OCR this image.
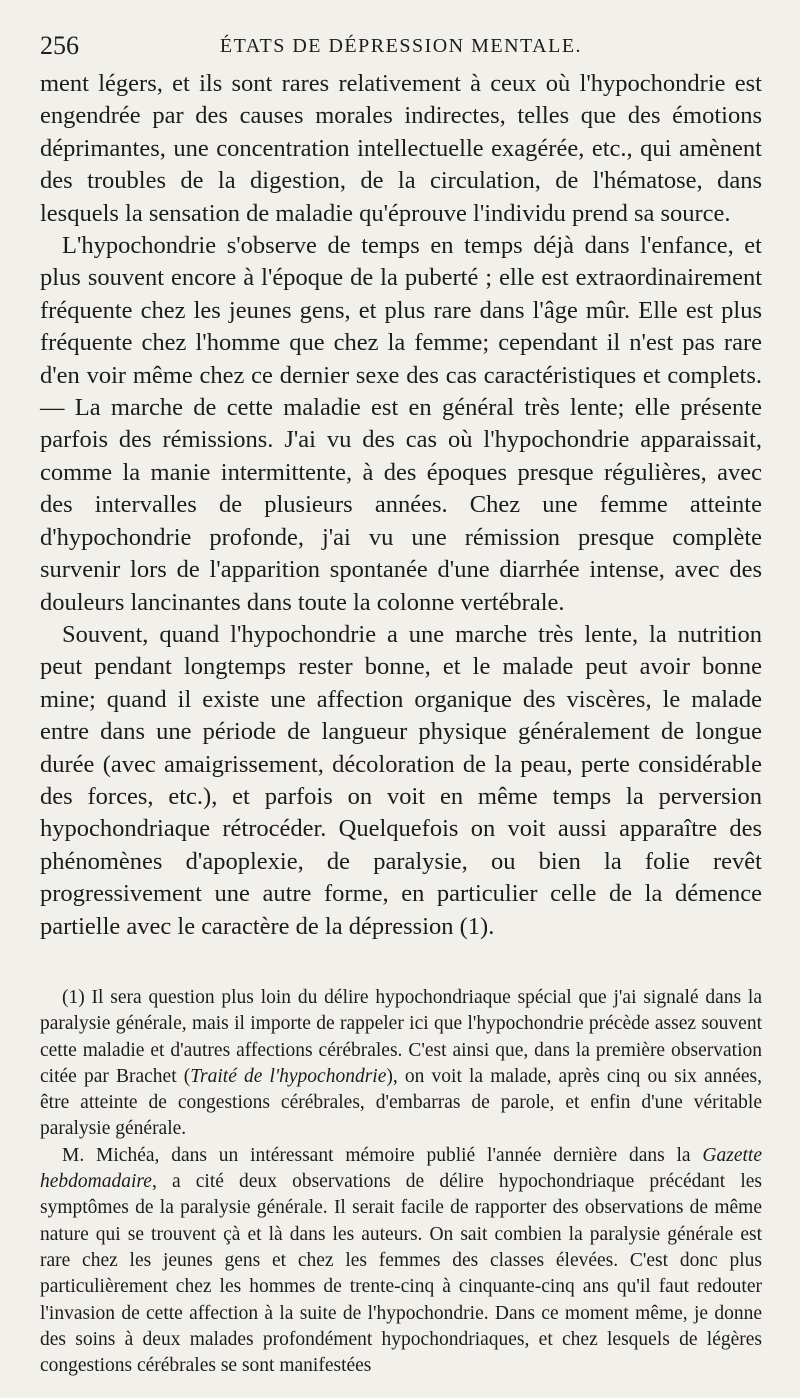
256	ÉTATS DE DÉPRESSION MENTALE.

ment légers, et ils sont rares relativement à ceux où l'hypochondrie est engendrée par des causes morales indirectes, telles que des émotions déprimantes, une concentration intellectuelle exagérée, etc., qui amènent des troubles de la digestion, de la circulation, de l'hématose, dans lesquels la sensation de maladie qu'éprouve l'individu prend sa source.

L'hypochondrie s'observe de temps en temps déjà dans l'enfance, et plus souvent encore à l'époque de la puberté ; elle est extraordinairement fréquente chez les jeunes gens, et plus rare dans l'âge mûr. Elle est plus fréquente chez l'homme que chez la femme; cependant il n'est pas rare d'en voir même chez ce dernier sexe des cas caractéristiques et complets. — La marche de cette maladie est en général très lente; elle présente parfois des rémissions. J'ai vu des cas où l'hypochondrie apparaissait, comme la manie intermittente, à des époques presque régulières, avec des intervalles de plusieurs années. Chez une femme atteinte d'hypochondrie profonde, j'ai vu une rémission presque complète survenir lors de l'apparition spontanée d'une diarrhée intense, avec des douleurs lancinantes dans toute la colonne vertébrale.

Souvent, quand l'hypochondrie a une marche très lente, la nutrition peut pendant longtemps rester bonne, et le malade peut avoir bonne mine; quand il existe une affection organique des viscères, le malade entre dans une période de langueur physique généralement de longue durée (avec amaigrissement, décoloration de la peau, perte considérable des forces, etc.), et parfois on voit en même temps la perversion hypochondriaque rétrocéder. Quelquefois on voit aussi apparaître des phénomènes d'apoplexie, de paralysie, ou bien la folie revêt progressivement une autre forme, en particulier celle de la démence partielle avec le caractère de la dépression (1).

(1) Il sera question plus loin du délire hypochondriaque spécial que j'ai signalé dans la paralysie générale, mais il importe de rappeler ici que l'hypochondrie précède assez souvent cette maladie et d'autres affections cérébrales. C'est ainsi que, dans la première observation citée par Brachet (Traité de l'hypochondrie), on voit la malade, après cinq ou six années, être atteinte de congestions cérébrales, d'embarras de parole, et enfin d'une véritable paralysie générale.

M. Michéa, dans un intéressant mémoire publié l'année dernière dans la Gazette hebdomadaire, a cité deux observations de délire hypochondriaque précédant les symptômes de la paralysie générale. Il serait facile de rapporter des observations de même nature qui se trouvent çà et là dans les auteurs. On sait combien la paralysie générale est rare chez les jeunes gens et chez les femmes des classes élevées. C'est donc plus particulièrement chez les hommes de trente-cinq à cinquante-cinq ans qu'il faut redouter l'invasion de cette affection à la suite de l'hypochondrie. Dans ce moment même, je donne des soins à deux malades profondément hypochondriaques, et chez lesquels de légères congestions cérébrales se sont manifestées
